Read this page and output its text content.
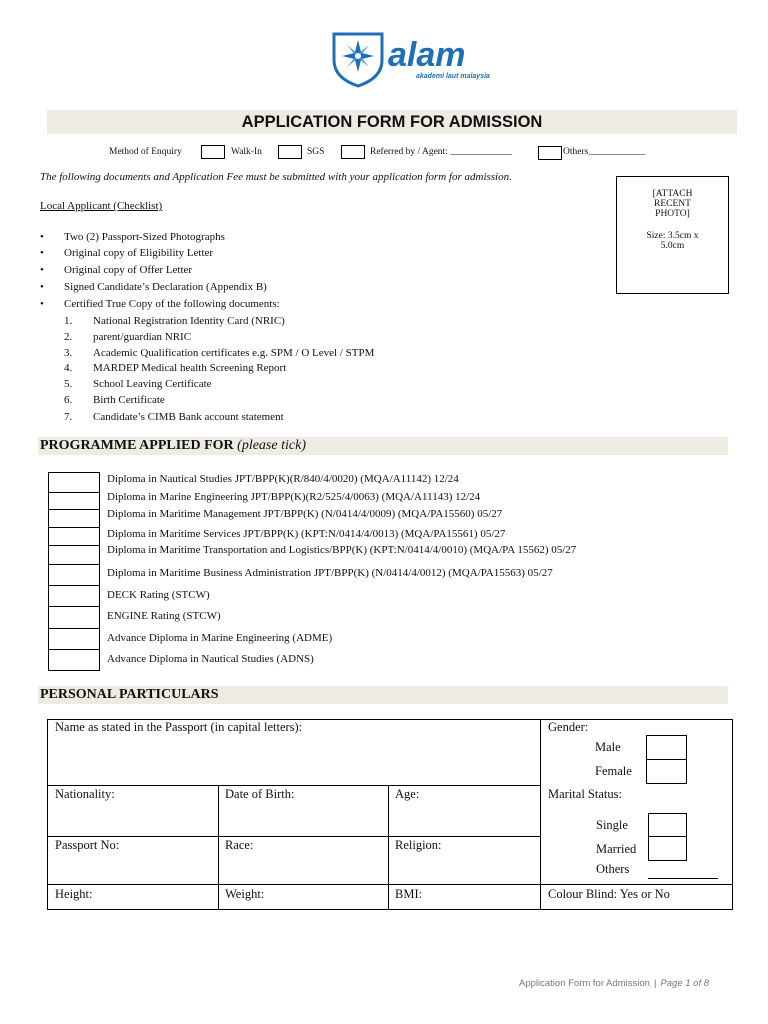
alam
akademi laut malaysia
APPLICATION FORM FOR ADMISSION
Method of Enquiry	Walk-In	SGS	Referred by / Agent: _____________	Others____________
The following documents and Application Fee must be submitted with your application form for admission.
[ATTACH
RECENT
PHOTO]
Size: 3.5cm x
5.0cm
Local Applicant (Checklist)
• Two (2) Passport-Sized Photographs
• Original copy of Eligibility Letter
• Original copy of Offer Letter
• Signed Candidate’s Declaration (Appendix B)
• Certified True Copy of the following documents:
1. National Registration Identity Card (NRIC)
2. parent/guardian NRIC
3. Academic Qualification certificates e.g. SPM / O Level / STPM
4. MARDEP Medical health Screening Report
5. School Leaving Certificate
6. Birth Certificate
7. Candidate’s CIMB Bank account statement
PROGRAMME APPLIED FOR (please tick)
Diploma in Nautical Studies JPT/BPP(K)(R/840/4/0020) (MQA/A11142) 12/24
Diploma in Marine Engineering JPT/BPP(K)(R2/525/4/0063) (MQA/A11143) 12/24
Diploma in Maritime Management JPT/BPP(K) (N/0414/4/0009) (MQA/PA15560) 05/27
Diploma in Maritime Services JPT/BPP(K) (KPT:N/0414/4/0013) (MQA/PA15561) 05/27
Diploma in Maritime Transportation and Logistics/BPP(K) (KPT:N/0414/4/0010) (MQA/PA 15562) 05/27
Diploma in Maritime Business Administration JPT/BPP(K) (N/0414/4/0012) (MQA/PA15563) 05/27
DECK Rating (STCW)
ENGINE Rating (STCW)
Advance Diploma in Marine Engineering (ADME)
Advance Diploma in Nautical Studies (ADNS)
PERSONAL PARTICULARS
Name as stated in the Passport (in capital letters):	Gender:
Male
Female
Nationality:	Date of Birth:	Age:	Marital Status:
Single
Married
Others
Passport No:	Race:	Religion:
Height:	Weight:	BMI:	Colour Blind: Yes or No
Application Form for Admission | Page 1 of 8
